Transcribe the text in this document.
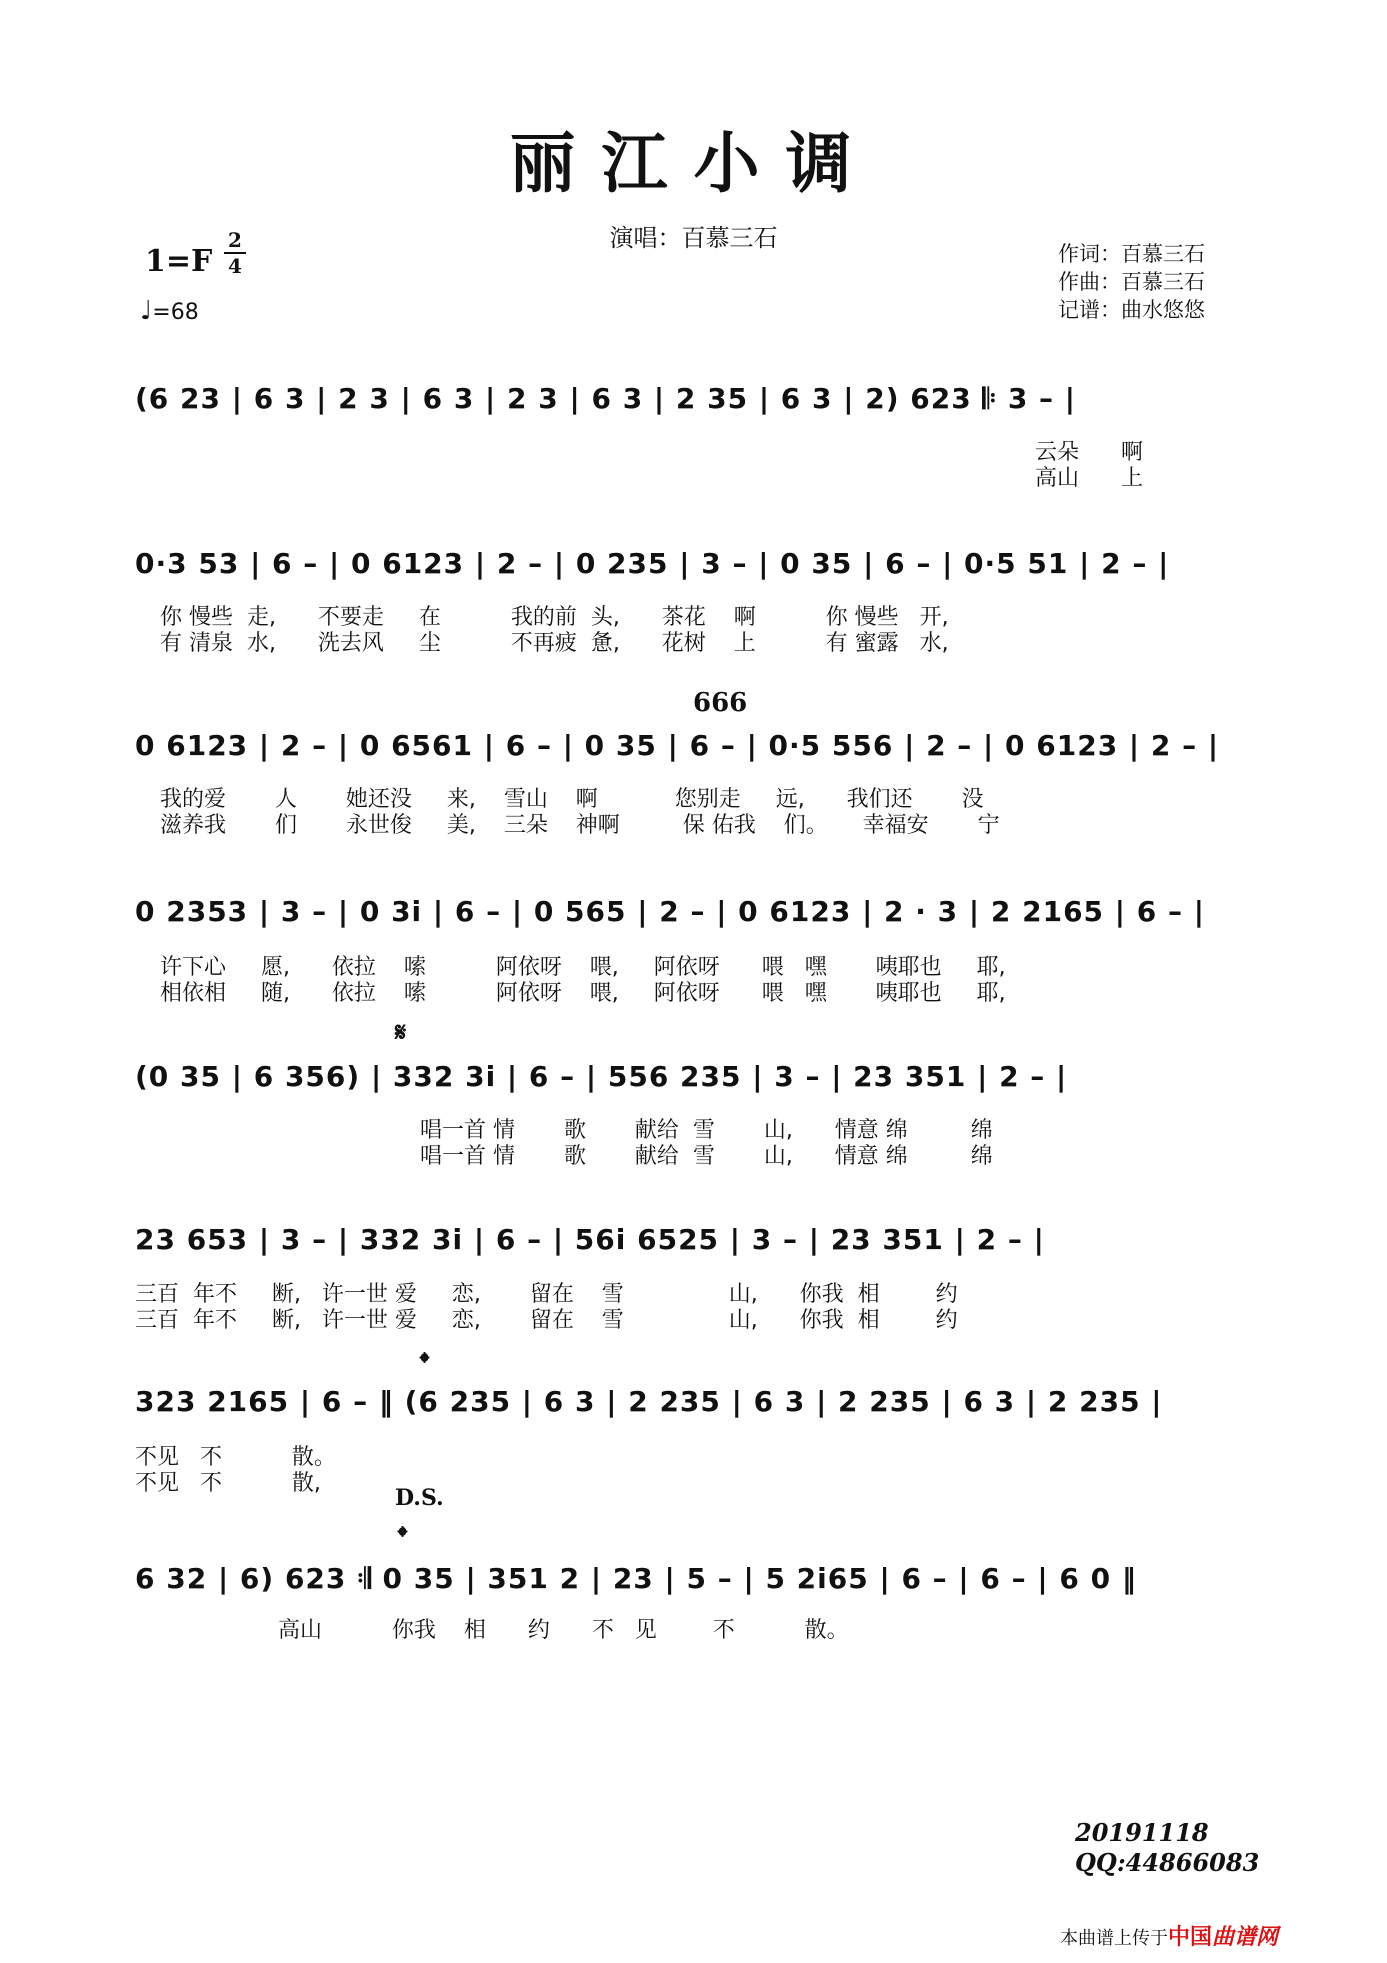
丽江小调
演唱：百慕三石
1=F
2
4
♩=68
作词：百慕三石
作曲：百慕三石
记谱：曲水悠悠
(6 23 | 6 3 | 2 3 | 6 3 | 2 3 | 6 3 | 2 35 | 6 3 | 2) 623 𝄆 3 – |
云朵      啊
高山      上
0·3 53 | 6 – | 0 6123 | 2 – | 0 235 | 3 – | 0 35 | 6 – | 0·5 51 | 2 – |
你 慢些  走,      不要走     在          我的前  头,      茶花    啊          你 慢些   开,
有 清泉  水,      洗去风     尘          不再疲  惫,      花树    上          有 蜜露   水,
666
0 6123 | 2 – | 0 6561 | 6 – | 0 35 | 6 – | 0·5 556 | 2 – | 0 6123 | 2 – |
我的爱       人       她还没     来,    雪山    啊           您别走     远,      我们还       没
滋养我       们       永世俊     美,    三朵    神啊         保 佑我    们。     幸福安       宁
0 2353 | 3 – | 0 3i | 6 – | 0 565 | 2 – | 0 6123 | 2 · 3 | 2 2165 | 6 – |
许下心     愿,      依拉    嗦          阿依呀    喂,     阿依呀      喂   嘿       咦耶也     耶,
相依相     随,      依拉    嗦          阿依呀    喂,     阿依呀      喂   嘿       咦耶也     耶,
𝄋
(0 35 | 6 356) | 332 3i | 6 – | 556 235 | 3 – | 23 351 | 2 – |
唱一首 情       歌       献给  雪       山,      情意 绵         绵
唱一首 情       歌       献给  雪       山,      情意 绵         绵
23 653 | 3 – | 332 3i | 6 – | 56i 6525 | 3 – | 23 351 | 2 – |
三百  年不     断,   许一世 爱     恋,       留在    雪               山,      你我  相        约
三百  年不     断,   许一世 爱     恋,       留在    雪               山,      你我  相        约
𝄌
323 2165 | 6 – ‖ (6 235 | 6 3 | 2 235 | 6 3 | 2 235 | 6 3 | 2 235 |
不见   不          散。
不见   不          散,
D.S.
𝄌
6 32 | 6) 623 𝄇 0 35 | 351 2 | 23 | 5 – | 5 2i65 | 6 – | 6 – | 6 0 ‖
高山          你我    相      约      不   见        不          散。
20191118
QQ:44866083
本曲谱上传于中国曲谱网
